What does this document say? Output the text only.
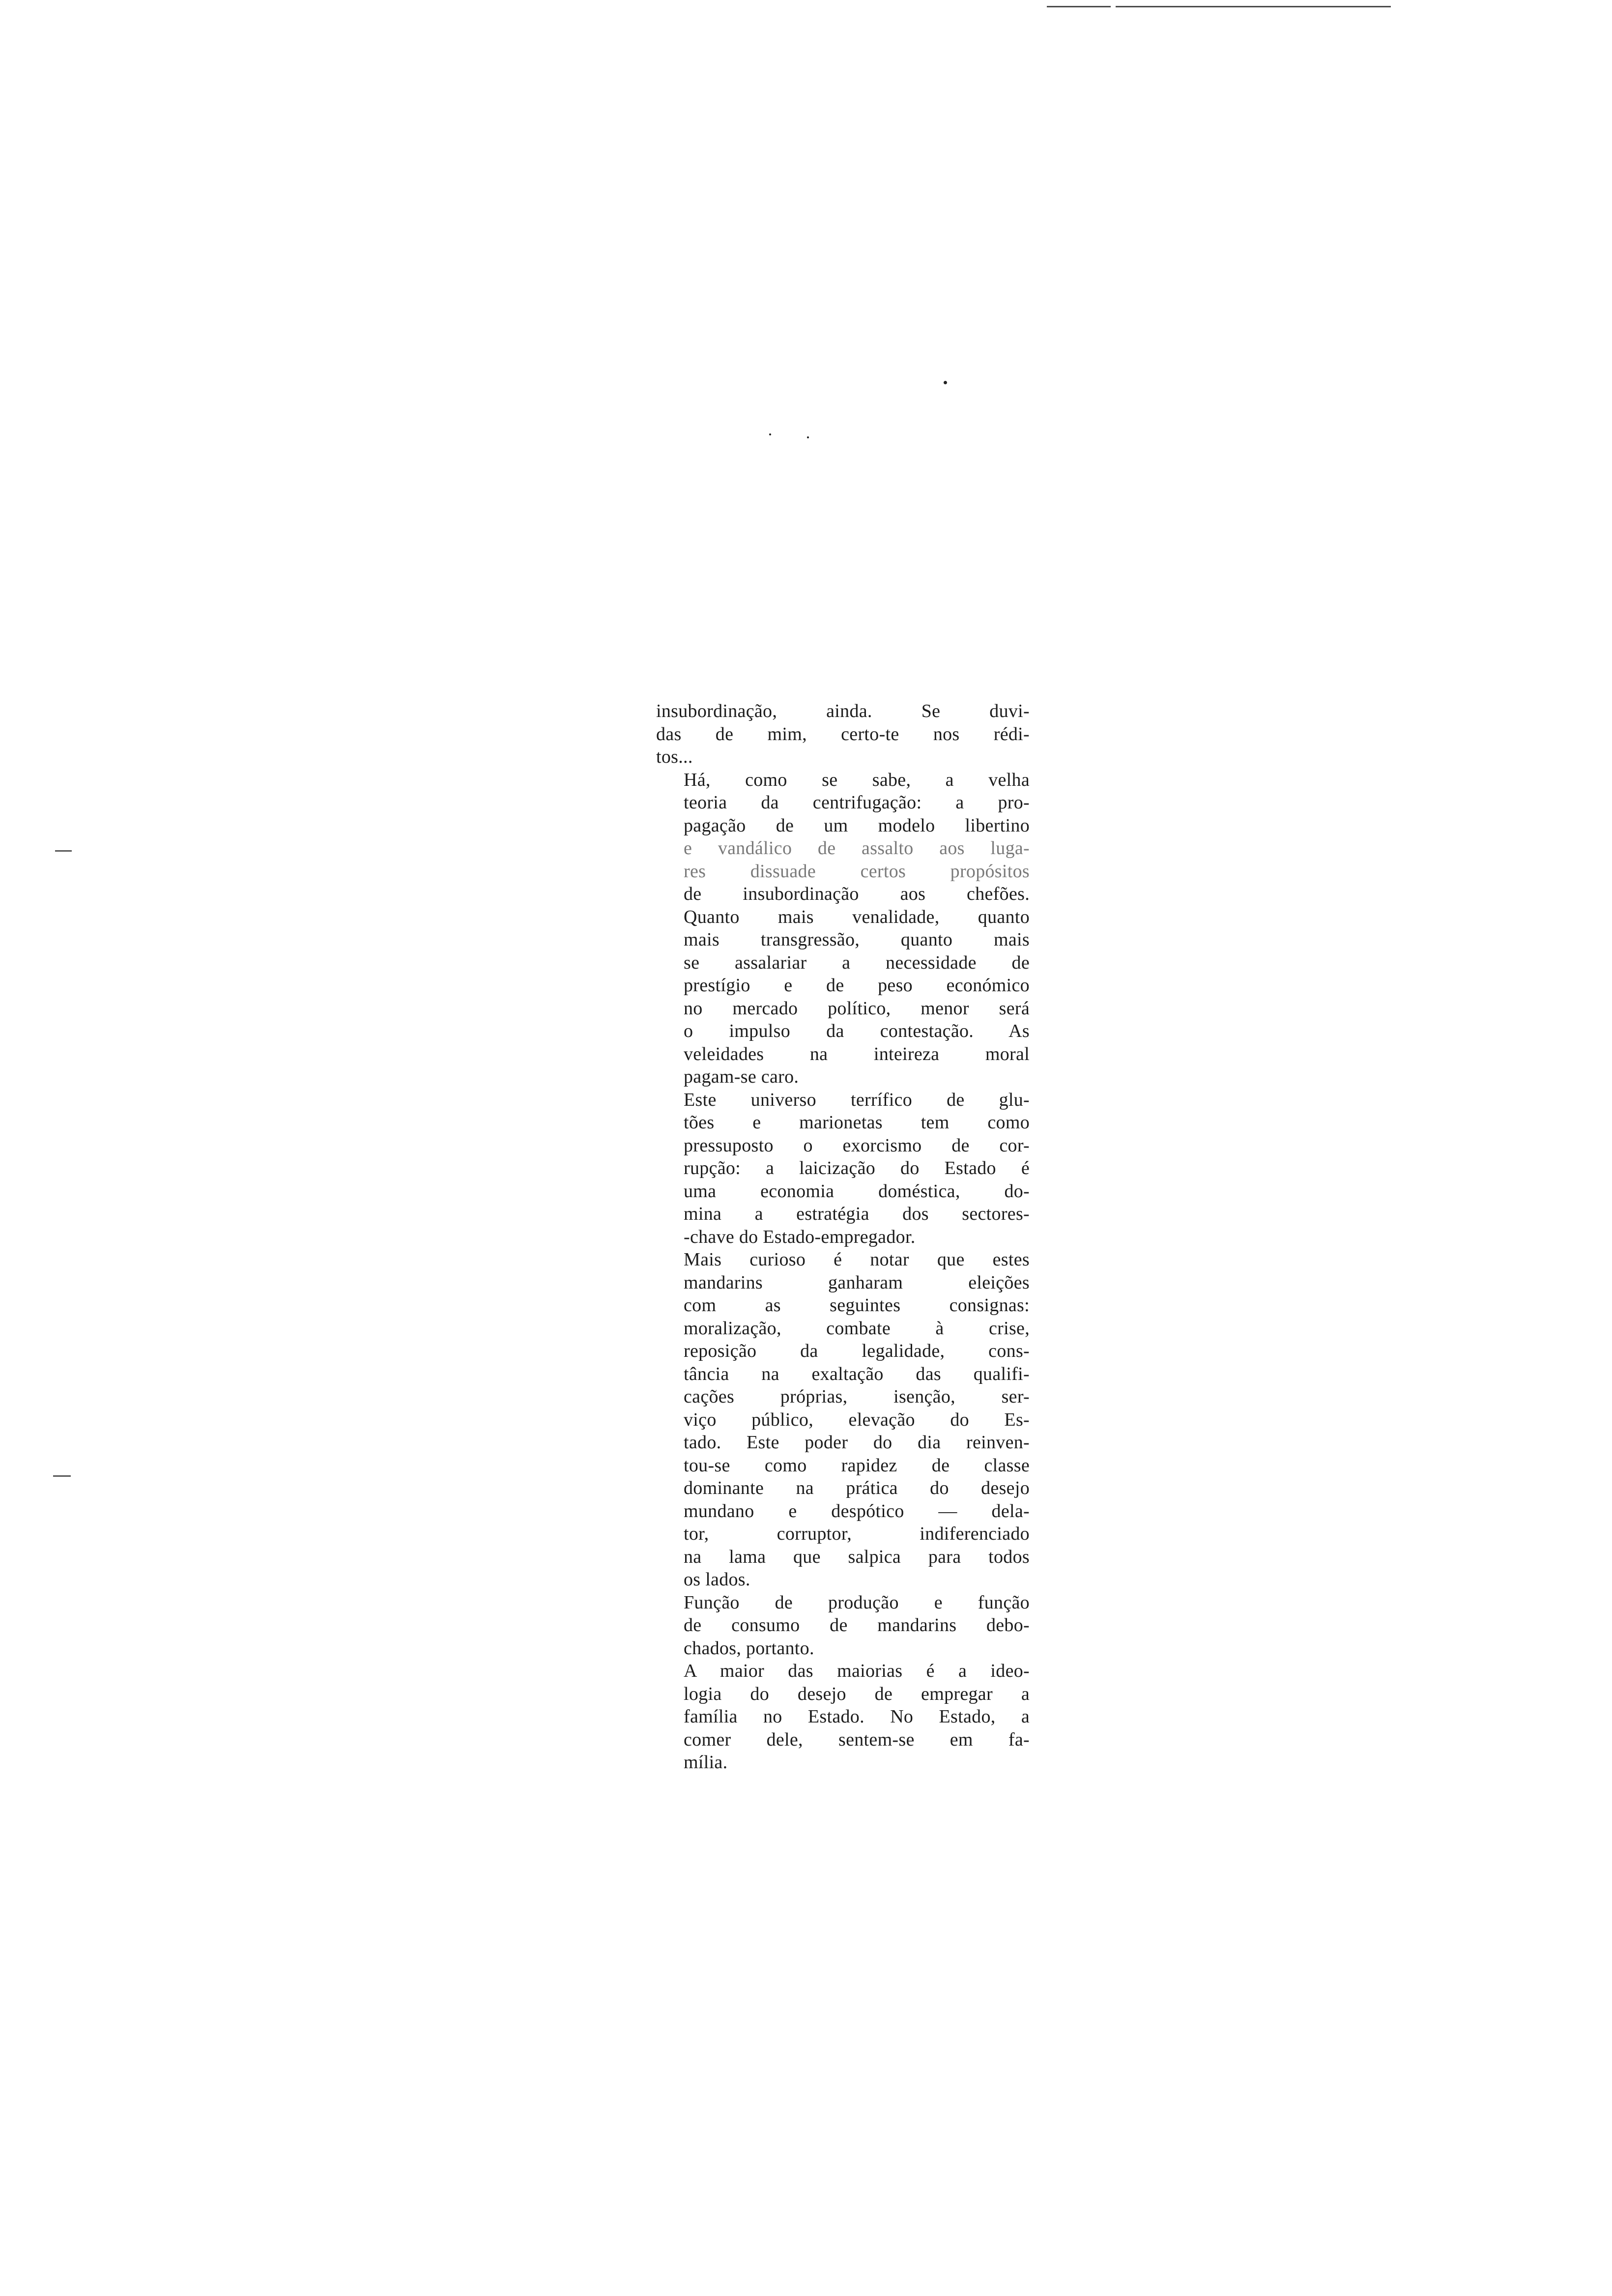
insubordinação, ainda. Se duvi-
das de mim, certo-te nos rédi-
tos...
Há, como se sabe, a velha
teoria da centrifugação: a pro-
pagação de um modelo libertino
e vandálico de assalto aos luga-
res dissuade certos propósitos
de insubordinação aos chefões.
Quanto mais venalidade, quanto
mais transgressão, quanto mais
se assalariar a necessidade de
prestígio e de peso económico
no mercado político, menor será
o impulso da contestação. As
veleidades na inteireza moral
pagam-se caro.
Este universo terrífico de glu-
tões e marionetas tem como
pressuposto o exorcismo de cor-
rupção: a laicização do Estado é
uma economia doméstica, do-
mina a estratégia dos sectores-
-chave do Estado-empregador.
Mais curioso é notar que estes
mandarins ganharam eleições
com as seguintes consignas:
moralização, combate à crise,
reposição da legalidade, cons-
tância na exaltação das qualifi-
cações próprias, isenção, ser-
viço público, elevação do Es-
tado. Este poder do dia reinven-
tou-se como rapidez de classe
dominante na prática do desejo
mundano e despótico — dela-
tor, corruptor, indiferenciado
na lama que salpica para todos
os lados.
Função de produção e função
de consumo de mandarins debo-
chados, portanto.
A maior das maiorias é a ideo-
logia do desejo de empregar a
família no Estado. No Estado, a
comer dele, sentem-se em fa-
mília.
